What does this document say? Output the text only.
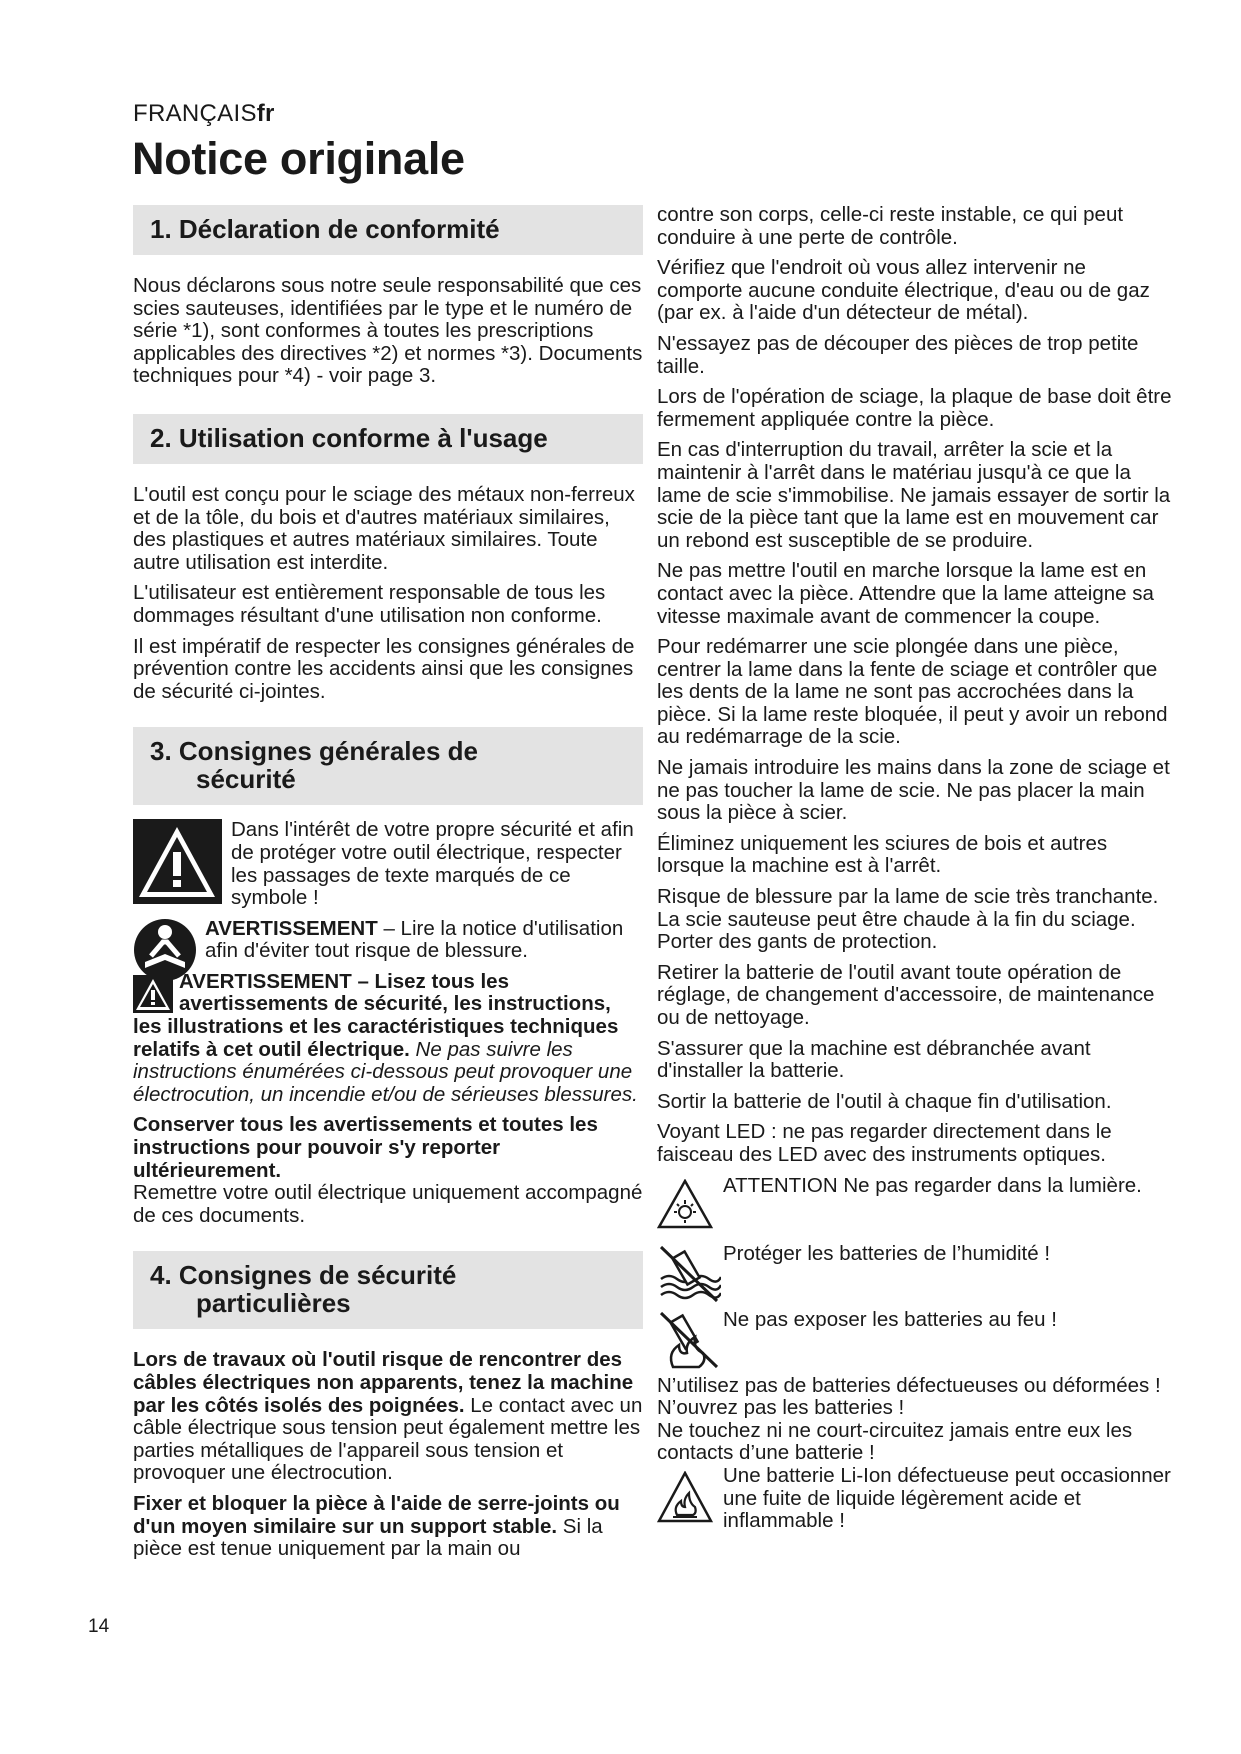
FRANÇAISfr
Notice originale
1. Déclaration de conformité

Nous déclarons sous notre seule responsabilité que ces scies sauteuses, identifiées par le type et le numéro de série *1), sont conformes à toutes les prescriptions applicables des directives *2) et normes *3). Documents techniques pour *4) - voir page 3.

2. Utilisation conforme à l'usage

L'outil est conçu pour le sciage des métaux non-ferreux et de la tôle, du bois et d'autres matériaux similaires, des plastiques et autres matériaux similaires. Toute autre utilisation est interdite.

L'utilisateur est entièrement responsable de tous les dommages résultant d'une utilisation non conforme.

Il est impératif de respecter les consignes générales de prévention contre les accidents ainsi que les consignes de sécurité ci-jointes.

3. Consignes générales de
sécurité

Dans l'intérêt de votre propre sécurité et afin de protéger votre outil électrique, respecter les passages de texte marqués de ce symbole !

AVERTISSEMENT – Lire la notice d'utilisation afin d'éviter tout risque de blessure.

AVERTISSEMENT – Lisez tous les avertissements de sécurité, les instructions, les illustrations et les caractéristiques techniques relatifs à cet outil électrique. Ne pas suivre les instructions énumérées ci-dessous peut provoquer une électrocution, un incendie et/ou de sérieuses blessures.

Conserver tous les avertissements et toutes les instructions pour pouvoir s'y reporter ultérieurement.
Remettre votre outil électrique uniquement accompagné de ces documents.

4. Consignes de sécurité
particulières

Lors de travaux où l'outil risque de rencontrer des câbles électriques non apparents, tenez la machine par les côtés isolés des poignées. Le contact avec un câble électrique sous tension peut également mettre les parties métalliques de l'appareil sous tension et provoquer une électrocution.

Fixer et bloquer la pièce à l'aide de serre-joints ou d'un moyen similaire sur un support stable. Si la pièce est tenue uniquement par la main ou

contre son corps, celle-ci reste instable, ce qui peut conduire à une perte de contrôle.

Vérifiez que l'endroit où vous allez intervenir ne comporte aucune conduite électrique, d'eau ou de gaz (par ex. à l'aide d'un détecteur de métal).

N'essayez pas de découper des pièces de trop petite taille.

Lors de l'opération de sciage, la plaque de base doit être fermement appliquée contre la pièce.

En cas d'interruption du travail, arrêter la scie et la maintenir à l'arrêt dans le matériau jusqu'à ce que la lame de scie s'immobilise. Ne jamais essayer de sortir la scie de la pièce tant que la lame est en mouvement car un rebond est susceptible de se produire.

Ne pas mettre l'outil en marche lorsque la lame est en contact avec la pièce. Attendre que la lame atteigne sa vitesse maximale avant de commencer la coupe.

Pour redémarrer une scie plongée dans une pièce, centrer la lame dans la fente de sciage et contrôler que les dents de la lame ne sont pas accrochées dans la pièce. Si la lame reste bloquée, il peut y avoir un rebond au redémarrage de la scie.

Ne jamais introduire les mains dans la zone de sciage et ne pas toucher la lame de scie. Ne pas placer la main sous la pièce à scier.

Éliminez uniquement les sciures de bois et autres lorsque la machine est à l'arrêt.

Risque de blessure par la lame de scie très tranchante. La scie sauteuse peut être chaude à la fin du sciage. Porter des gants de protection.

Retirer la batterie de l'outil avant toute opération de réglage, de changement d'accessoire, de maintenance ou de nettoyage.

S'assurer que la machine est débranchée avant d'installer la batterie.

Sortir la batterie de l'outil à chaque fin d'utilisation.

Voyant LED : ne pas regarder directement dans le faisceau des LED avec des instruments optiques.

ATTENTION Ne pas regarder dans la lumière.

Protéger les batteries de l’humidité !

Ne pas exposer les batteries au feu !

N’utilisez pas de batteries défectueuses ou déformées !
N’ouvrez pas les batteries !
Ne touchez ni ne court-circuitez jamais entre eux les contacts d’une batterie !

Une batterie Li-Ion défectueuse peut occasionner une fuite de liquide légèrement acide et inflammable !

14
